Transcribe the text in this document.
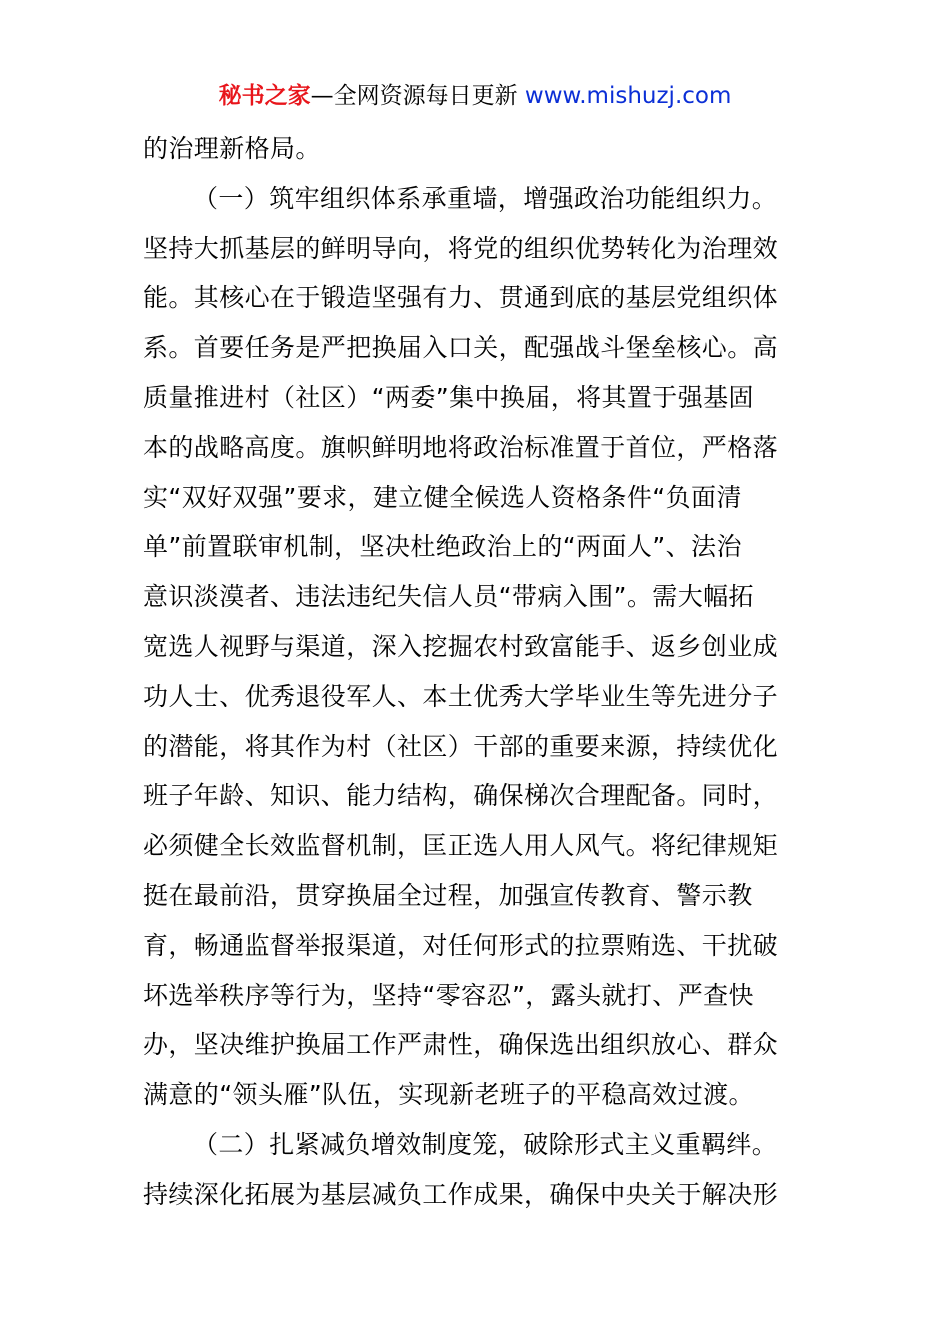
秘书之家—全网资源每日更新 www.mishuzj.com
的治理新格局。
（一）筑牢组织体系承重墙，增强政治功能组织力。
坚持大抓基层的鲜明导向，将党的组织优势转化为治理效
能。其核心在于锻造坚强有力、贯通到底的基层党组织体
系。首要任务是严把换届入口关，配强战斗堡垒核心。高
质量推进村（社区）“两委”集中换届，将其置于强基固
本的战略高度。旗帜鲜明地将政治标准置于首位，严格落
实“双好双强”要求，建立健全候选人资格条件“负面清
单”前置联审机制，坚决杜绝政治上的“两面人”、法治
意识淡漠者、违法违纪失信人员“带病入围”。需大幅拓
宽选人视野与渠道，深入挖掘农村致富能手、返乡创业成
功人士、优秀退役军人、本土优秀大学毕业生等先进分子
的潜能，将其作为村（社区）干部的重要来源，持续优化
班子年龄、知识、能力结构，确保梯次合理配备。同时，
必须健全长效监督机制，匡正选人用人风气。将纪律规矩
挺在最前沿，贯穿换届全过程，加强宣传教育、警示教
育，畅通监督举报渠道，对任何形式的拉票贿选、干扰破
坏选举秩序等行为，坚持“零容忍”，露头就打、严查快
办，坚决维护换届工作严肃性，确保选出组织放心、群众
满意的“领头雁”队伍，实现新老班子的平稳高效过渡。
（二）扎紧减负增效制度笼，破除形式主义重羁绊。
持续深化拓展为基层减负工作成果，确保中央关于解决形
